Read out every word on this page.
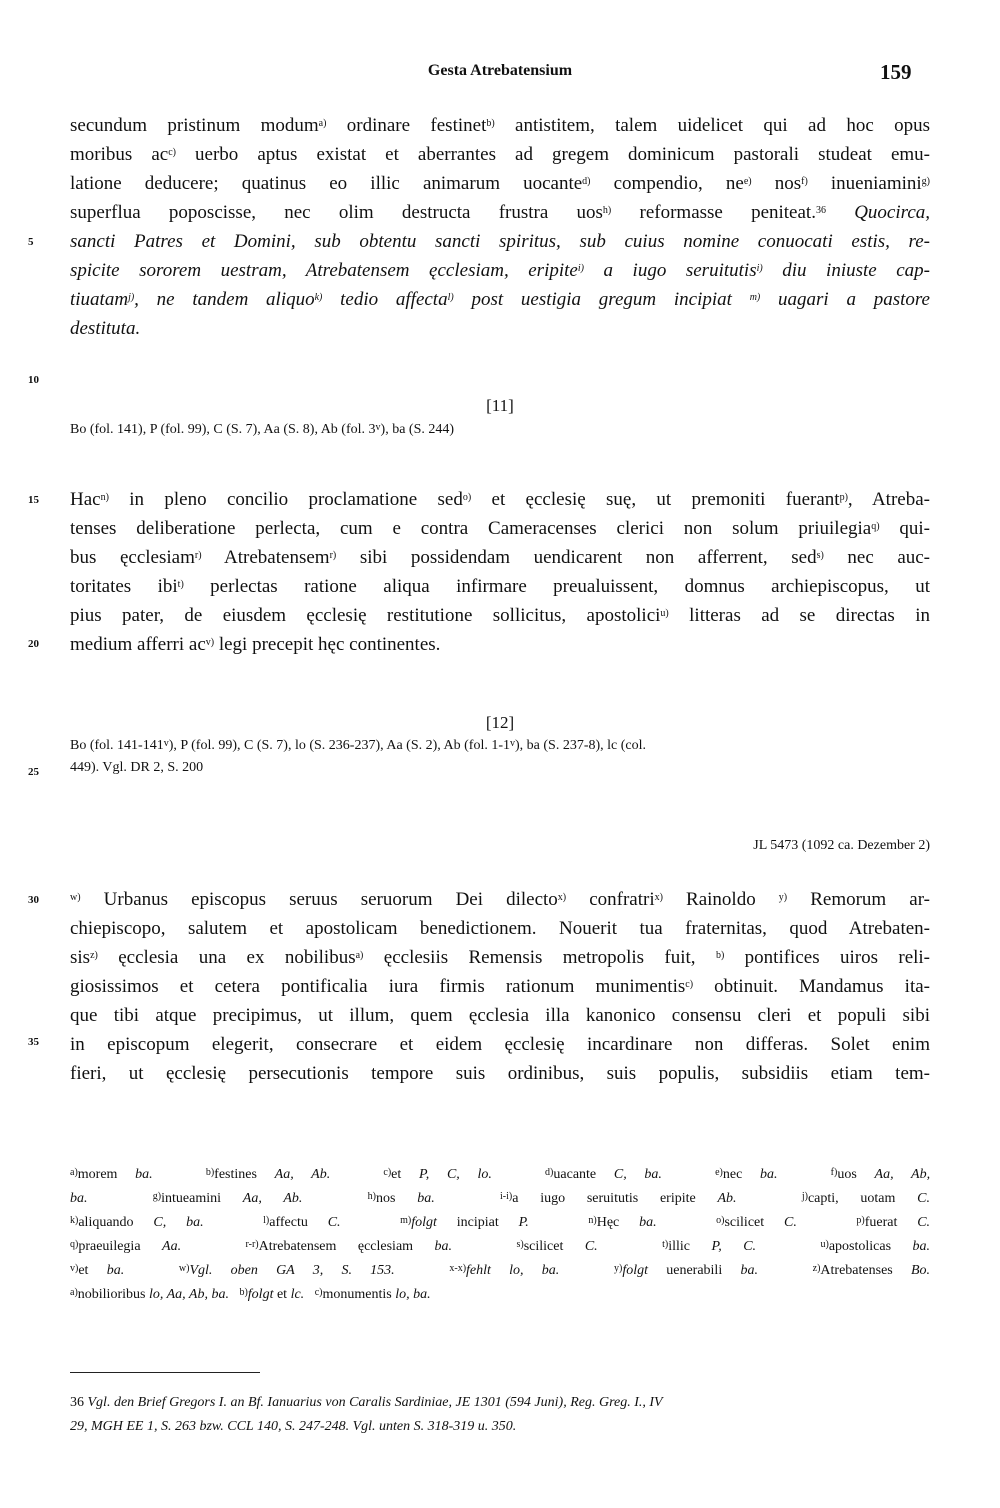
Gesta Atrebatensium	159
secundum pristinum modum$^{a)}$ ordinare festinet$^{b)}$ antistitem, talem uidelicet qui ad hoc opus
moribus $ac^{c)}$ uerbo aptus existat et aberrantes ad gregem dominicum pastorali studeat emu-
latione deducere; quatinus eo illic animarum uocante$^{d)}$ compendio, $ne^{e)}$ nos$^{f)}$ inueniamini$^{g)}$
superflua poposcisse, nec olim destructa frustra uos$^{h)}$ reformasse peniteat.$^{36}$ Quocirca,
sancti Patres et Domini, sub obtentu sancti spiritus, sub cuius nomine conuocati estis, re-
spicite sororem uestram, Atrebatensem ęcclesiam, eripite$^{i)}$ a iugo seruitutis$^{i)}$ diu iniuste cap-
tiuatam$^{j)}$, ne tandem aliquo$^{k)}$ tedio affecta$^{l)}$ post uestigia gregum incipiat $^{m)}$ uagari a pastore
destituta.
5
10
15
20
25
30
35
[11]
Bo (fol. 141), P (fol. 99), C (S. 7), Aa (S. 8), Ab (fol. 3$^v$), ba (S. 244)
Hac$^{n)}$ in pleno concilio proclamatione sed$^{o)}$ et ęcclesię suę, ut premoniti fuerant$^{p)}$, Atreba-
tenses deliberatione perlecta, cum e contra Cameracenses clerici non solum priuilegia$^{q)}$ qui-
bus ęcclesiam$^{r)}$ Atrebatensem$^{r)}$ sibi possidendam uendicarent non afferrent, sed$^{s)}$ nec auc-
toritates ibi$^{t)}$ perlectas ratione aliqua infirmare preualuissent, domnus archiepiscopus, ut
pius pater, de eiusdem ęcclesię restitutione sollicitus, apostolici$^{u)}$ litteras ad se directas in
medium afferri $ac^{v)}$ legi precepit hęc continentes.
[12]
Bo (fol. 141-141$^v$), P (fol. 99), C (S. 7), lo (S. 236-237), Aa (S. 2), Ab (fol. 1-1$^v$), ba (S. 237-8), lc (col.
449). Vgl. DR 2, S. 200
JL 5473 (1092 ca. Dezember 2)
$^{w)}$ Urbanus episcopus seruus seruorum Dei dilecto$^{x)}$ confratri$^{x)}$ Rainoldo $^{y)}$ Remorum ar-
chiepiscopo, salutem et apostolicam benedictionem. Nouerit tua fraternitas, quod Atrebaten-
sis$^{z)}$ ęcclesia una ex nobilibus$^{a)}$ ęcclesiis Remensis metropolis fuit, $^{b)}$ pontifices uiros reli-
giosissimos et cetera pontificalia iura firmis rationum munimentis$^{c)}$ obtinuit. Mandamus ita-
que tibi atque precipimus, ut illum, quem ęcclesia illa kanonico consensu cleri et populi sibi
in episcopum elegerit, consecrare et eidem ęcclesię incardinare non differas. Solet enim
fieri, ut ęcclesię persecutionis tempore suis ordinibus, suis populis, subsidiis etiam tem-
$^{a)}$morem ba.	$^{b)}$festines Aa, Ab.	$^{c)}$et P, C, lo.	$^{d)}$uacante C, ba.	$^{e)}$nec ba.	$^{f)}$uos Aa, Ab,
ba.	$^{g)}$intueamini Aa, Ab.	$^{h)}$nos ba.	$^{i-i)}$a iugo seruitutis eripite Ab.	$^{j)}$capti, uotam C.
$^{k)}$aliquando C, ba.	$^{l)}$affectu C.	$^{m)}$folgt incipiat P.	$^{n)}$Hęc ba.	$^{o)}$scilicet C.	$^{p)}$fuerat C.
$^{q)}$praeuilegia Aa.	$^{r-r)}$Atrebatensem ęcclesiam ba.	$^{s)}$scilicet C.	$^{t)}$illic P, C.	$^{u)}$apostolicas ba.
$^{v)}$et ba.	$^{w)}$Vgl. oben GA 3, S. 153.	$^{x-x)}$fehlt lo, ba.	$^{y)}$folgt uenerabili ba.	$^{z)}$Atrebatenses Bo.
$^{a)}$nobilioribus lo, Aa, Ab, ba. $^{b)}$folgt et lc. $^{c)}$monumentis lo, ba.
36 Vgl. den Brief Gregors I. an Bf. Ianuarius von Caralis Sardiniae, JE 1301 (594 Juni), Reg. Greg. I., IV
29, MGH EE 1, S. 263 bzw. CCL 140, S. 247-248. Vgl. unten S. 318-319 u. 350.
